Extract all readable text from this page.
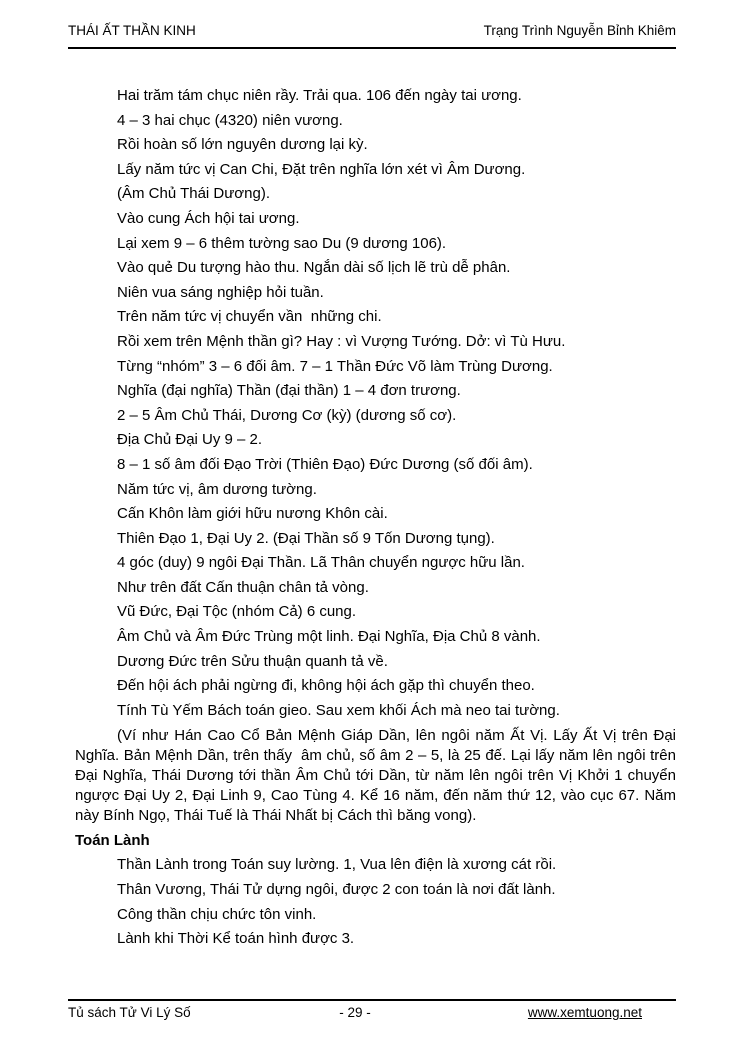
THÁI ẤT THẦN KINH	Trạng Trình Nguyễn Bỉnh Khiêm

Hai trăm tám chục niên rầy. Trải qua. 106 đến ngày tai ương.

4 – 3 hai chục (4320) niên vương.

Rồi hoàn số lớn nguyên dương lại kỳ.

Lấy năm tức vị Can Chi, Đặt trên nghĩa lớn xét vì Âm Dương.

(Âm Chủ Thái Dương).

Vào cung Ách hội tai ương.

Lại xem 9 – 6 thêm tường sao Du (9 dương 106).

Vào quẻ Du tượng hào thu. Ngắn dài số lịch lẽ trù dễ phân.

Niên vua sáng nghiệp hỏi tuần.

Trên năm tức vị chuyển vần  những chi.

Rồi xem trên Mệnh thần gì? Hay : vì Vượng Tướng. Dở: vì Tù Hưu.

Từng “nhóm” 3 – 6 đối âm. 7 – 1 Thần Đức Võ làm Trùng Dương.

Nghĩa (đại nghĩa) Thần (đại thần) 1 – 4 đơn trương.

2 – 5 Âm Chủ Thái, Dương Cơ (kỳ) (dương số cơ).

Địa Chủ Đại Uy 9 – 2.

8 – 1 số âm đối Đạo Trời (Thiên Đạo) Đức Dương (số đối âm).

Năm tức vị, âm dương tường.

Cấn Khôn làm giới hữu nương Khôn cài.

Thiên Đạo 1, Đại Uy 2. (Đại Thần số 9 Tốn Dương tụng).

4 góc (duy) 9 ngôi Đại Thần. Lã Thân chuyển ngược hữu lần.

Như trên đất Cấn thuận chân tả vòng.

Vũ Đức, Đại Tộc (nhóm Cả) 6 cung.

Âm Chủ và Âm Đức Trùng một linh. Đại Nghĩa, Địa Chủ 8 vành.

Dương Đức trên Sửu thuận quanh tả về.

Đến hội ách phải ngừng đi, không hội ách gặp thì chuyển theo.

Tính Tù Yếm Bách toán gieo. Sau xem khối Ách mà neo tai tường.

(Ví như Hán Cao Cổ Bản Mệnh Giáp Dần, lên ngôi năm Ất Vị. Lấy Ất Vị trên Đại Nghĩa. Bản Mệnh Dần, trên thấy  âm chủ, số âm 2 – 5, là 25 đế. Lại lấy năm lên ngôi trên Đại Nghĩa, Thái Dương tới thần Âm Chủ tới Dần, từ năm lên ngôi trên Vị Khởi 1 chuyển ngược Đại Uy 2, Đại Linh 9, Cao Tùng 4. Kể 16 năm, đến năm thứ 12, vào cục 67. Năm này Bính Ngọ, Thái Tuế là Thái Nhất bị Cách thì băng vong).

Toán Lành

Thần Lành trong Toán suy lường. 1, Vua lên điện là xương cát rồi.

Thân Vương, Thái Tử dựng ngôi, được 2 con toán là nơi đất lành.

Công thần chịu chức tôn vinh.

Lành khi Thời Kể toán hình được 3.

Tủ sách Tử Vi Lý Số	- 29 -	www.xemtuong.net
